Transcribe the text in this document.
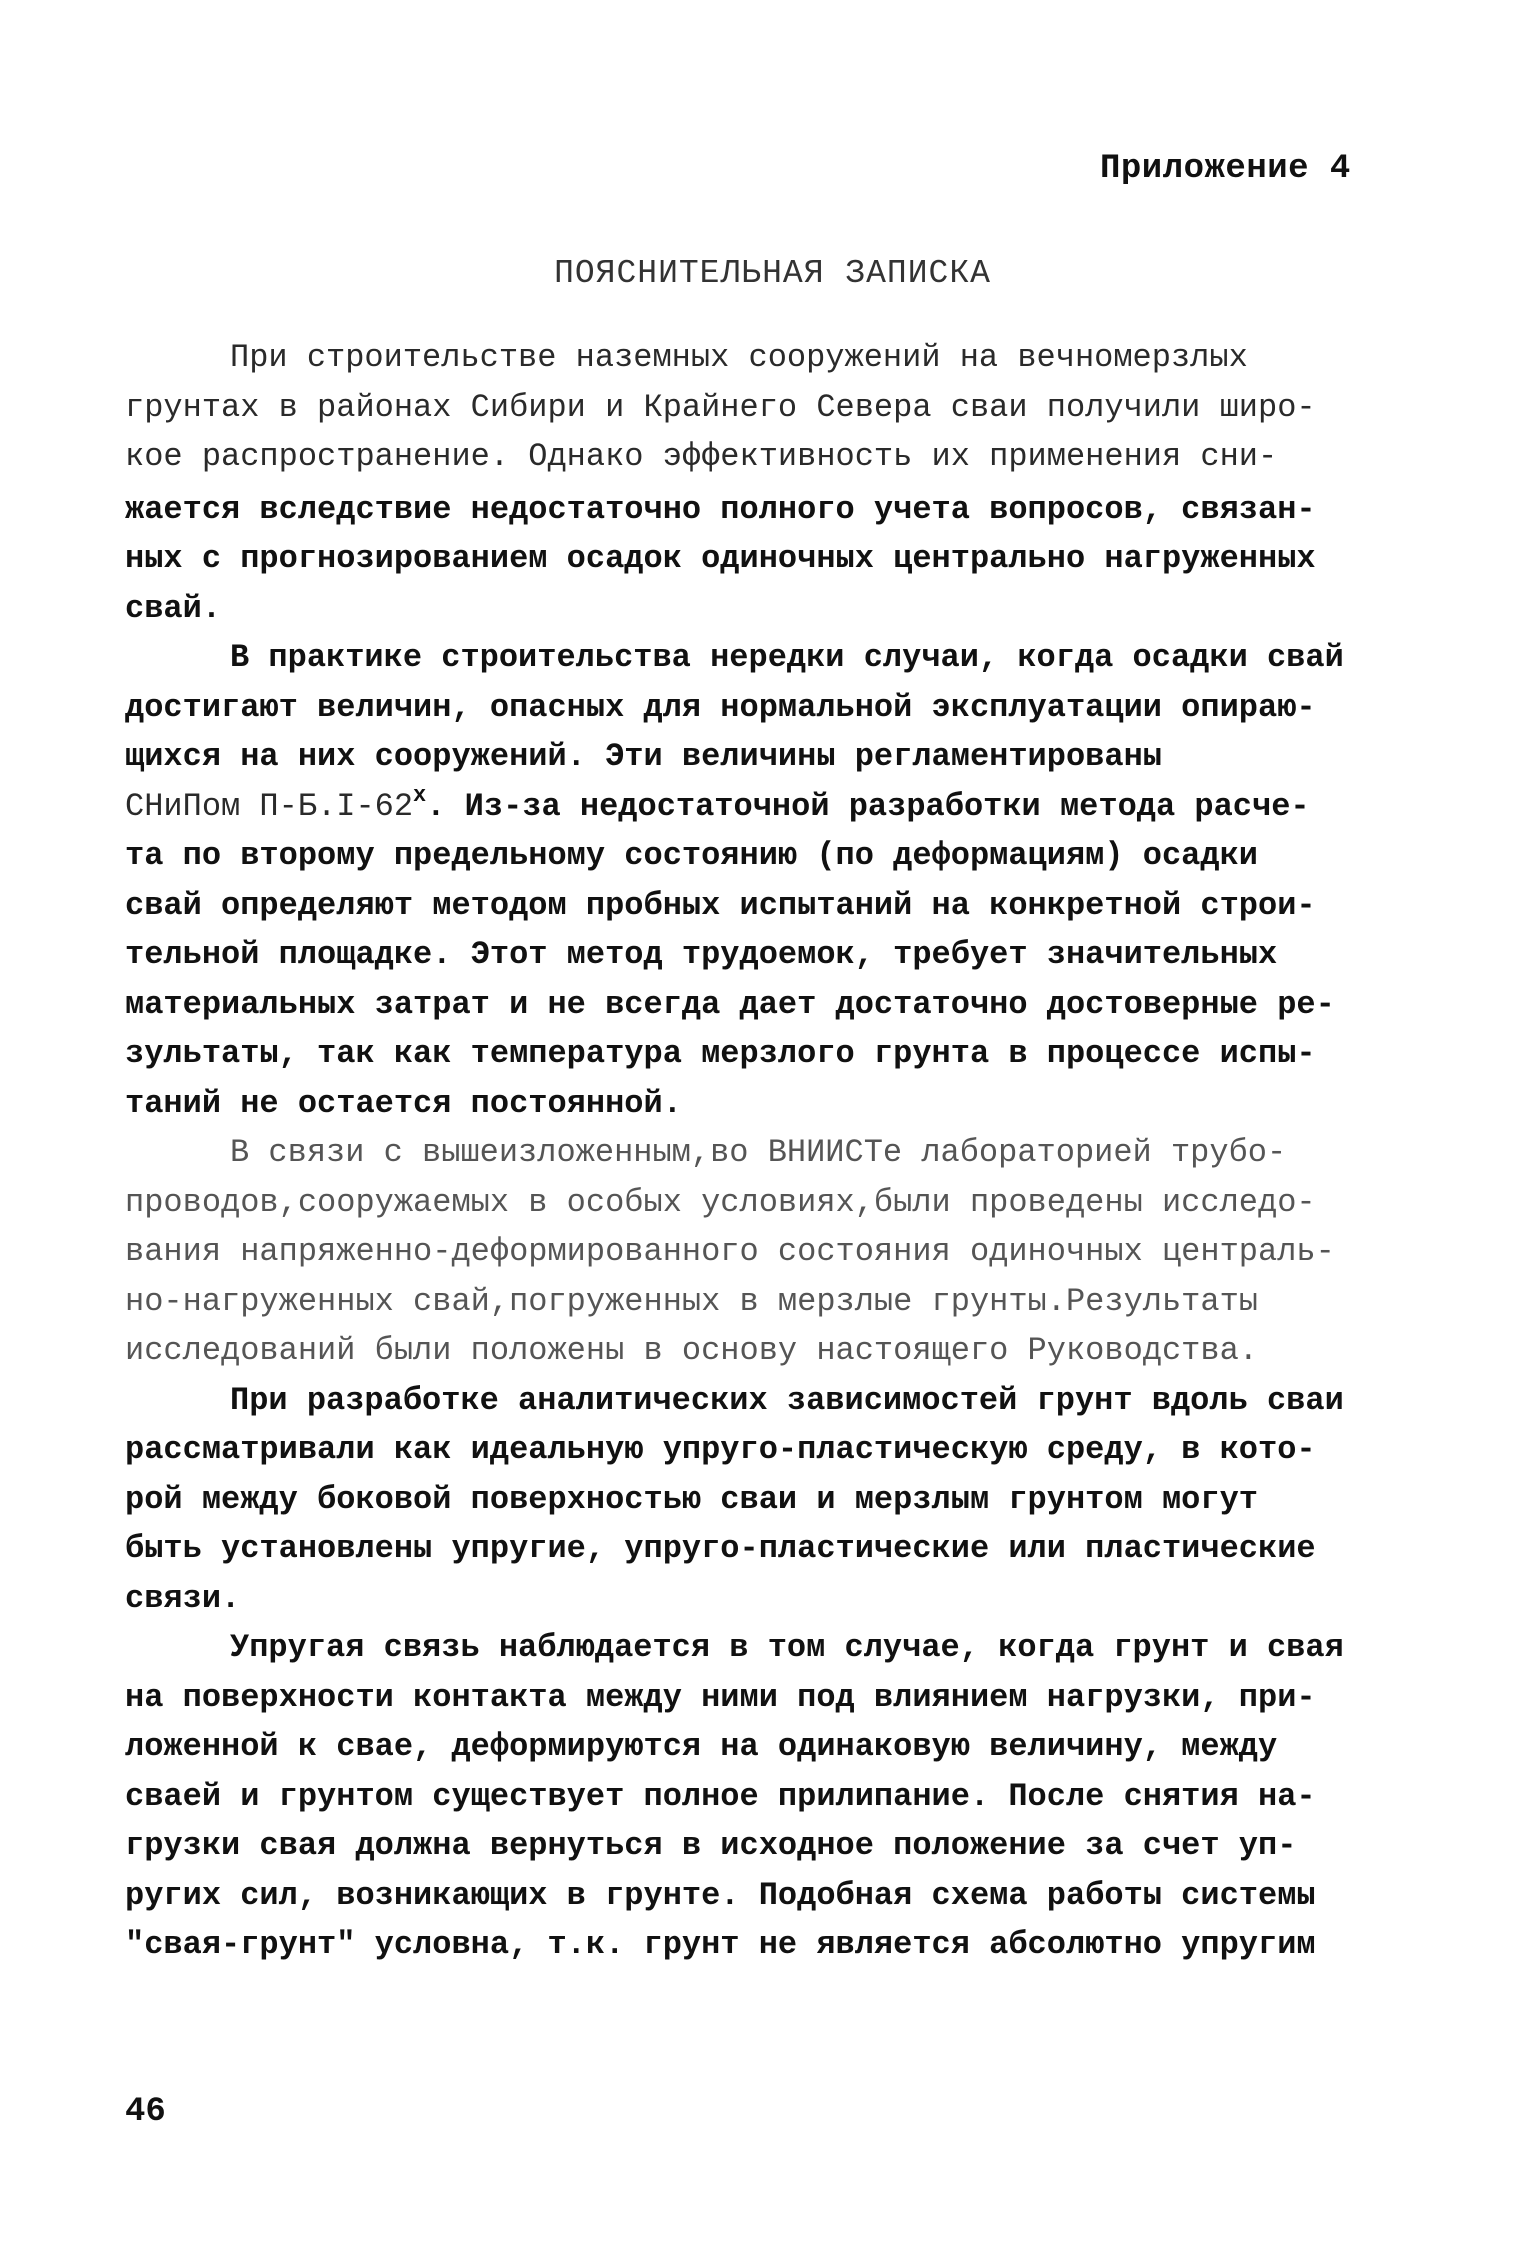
Приложение 4
ПОЯСНИТЕЛЬНАЯ ЗАПИСКА
При строительстве наземных сооружений на вечномерзлых
грунтах в районах Сибири и Крайнего Севера сваи получили широ-
кое распространение. Однако эффективность их применения сни-
жается вследствие недостаточно полного учета вопросов, связан-
ных с прогнозированием осадок одиночных центрально нагруженных
свай.
В практике строительства нередки случаи, когда осадки свай
достигают величин, опасных для нормальной эксплуатации опираю-
щихся на них сооружений. Эти величины регламентированы
СНиПом $П-Б.I-62^х$. Из-за недостаточной разработки метода расче-
та по второму предельному состоянию (по деформациям) осадки
свай определяют методом пробных испытаний на конкретной строи-
тельной площадке. Этот метод трудоемок, требует значительных
материальных затрат и не всегда дает достаточно достоверные ре-
зультаты, так как температура мерзлого грунта в процессе испы-
таний не остается постоянной.
В связи с вышеизложенным,во ВНИИСТе лабораторией трубо-
проводов,сооружаемых в особых условиях,были проведены исследо-
вания напряженно-деформированного состояния одиночных централь-
но-нагруженных свай,погруженных в мерзлые грунты.Результаты
исследований были положены в основу настоящего Руководства.
При разработке аналитических зависимостей грунт вдоль сваи
рассматривали как идеальную упруго-пластическую среду, в кото-
рой между боковой поверхностью сваи и мерзлым грунтом могут
быть установлены упругие, упруго-пластические или пластические
связи.
Упругая связь наблюдается в том случае, когда грунт и свая
на поверхности контакта между ними под влиянием нагрузки, при-
ложенной к свае, деформируются на одинаковую величину, между
сваей и грунтом существует полное прилипание. После снятия на-
грузки свая должна вернуться в исходное положение за счет уп-
ругих сил, возникающих в грунте. Подобная схема работы системы
"свая-грунт" условна, т.к. грунт не является абсолютно упругим
46
